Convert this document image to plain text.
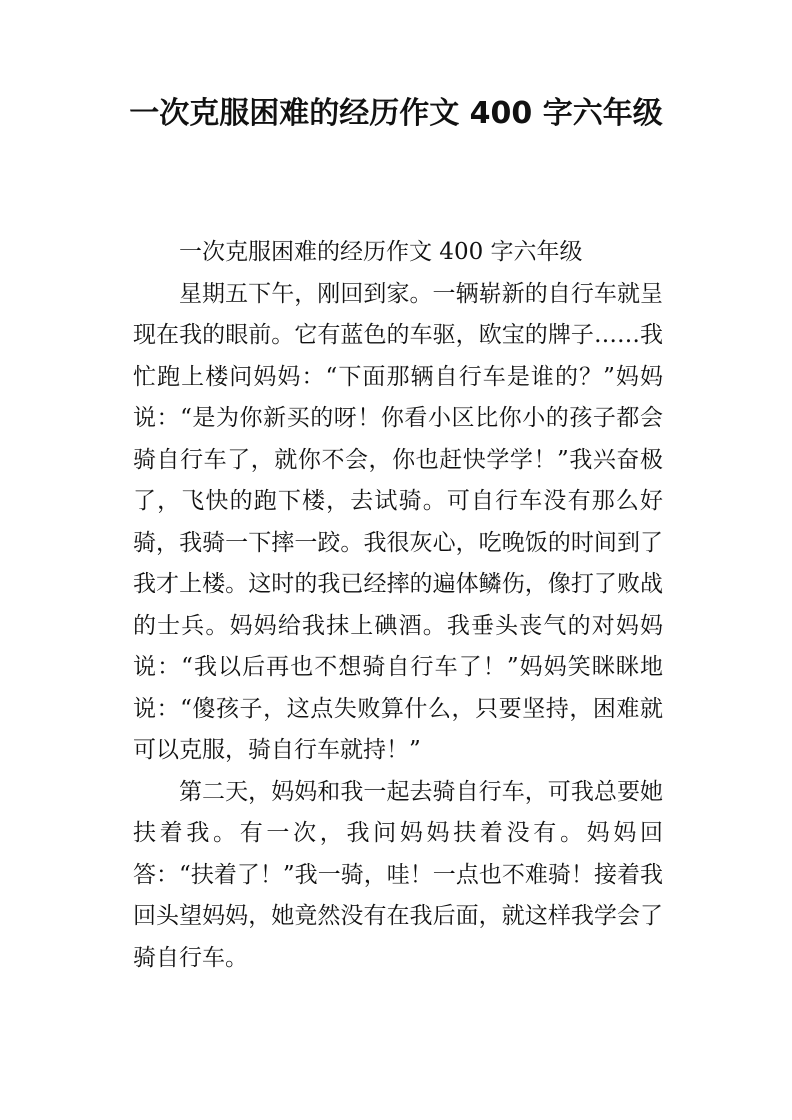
一次克服困难的经历作文 400 字六年级

一次克服困难的经历作文 400 字六年级

星期五下午，刚回到家。一辆崭新的自行车就呈现在我的眼前。它有蓝色的车驱，欧宝的牌子……我忙跑上楼问妈妈：“下面那辆自行车是谁的？”妈妈说：“是为你新买的呀！你看小区比你小的孩子都会骑自行车了，就你不会，你也赶快学学！”我兴奋极了，飞快的跑下楼，去试骑。可自行车没有那么好骑，我骑一下摔一跤。我很灰心，吃晚饭的时间到了我才上楼。这时的我已经摔的遍体鳞伤，像打了败战的士兵。妈妈给我抹上碘酒。我垂头丧气的对妈妈说：“我以后再也不想骑自行车了！”妈妈笑眯眯地说：“傻孩子，这点失败算什么，只要坚持，困难就可以克服，骑自行车就持！”

第二天，妈妈和我一起去骑自行车，可我总要她扶着我。有一次，我问妈妈扶着没有。妈妈回答：“扶着了！”我一骑，哇！一点也不难骑！接着我回头望妈妈，她竟然没有在我后面，就这样我学会了骑自行车。
